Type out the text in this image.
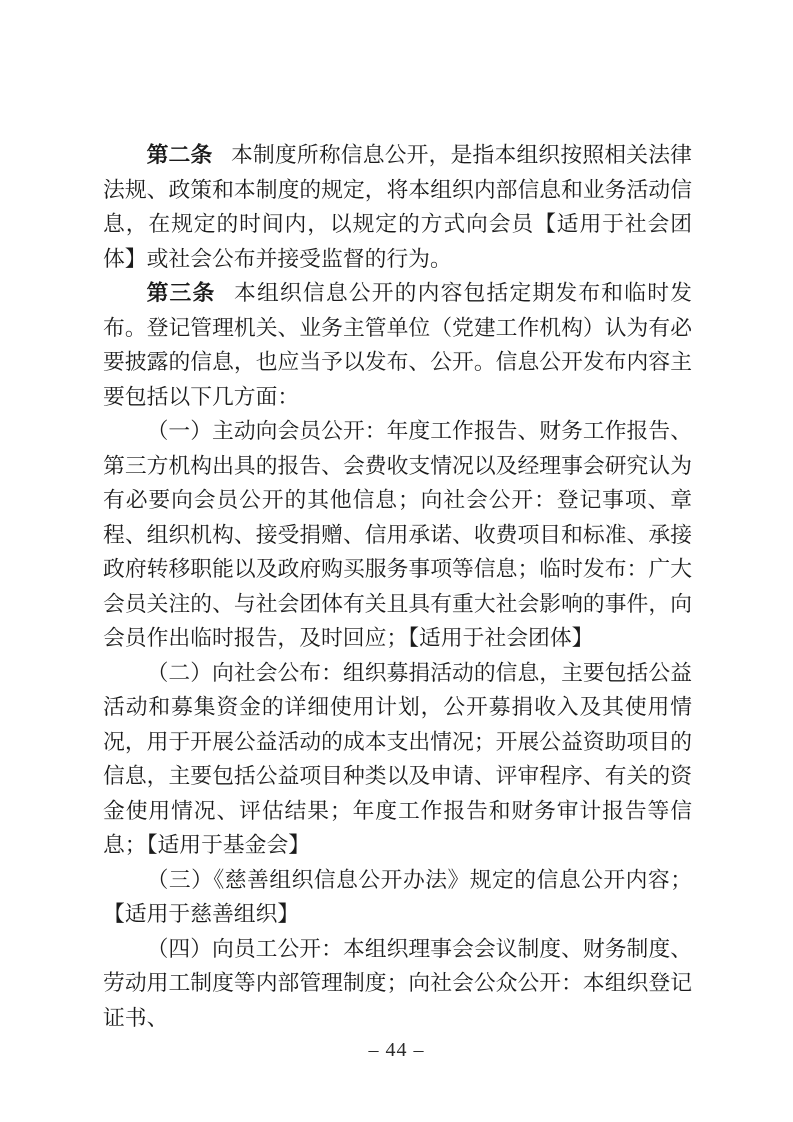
第二条 本制度所称信息公开，是指本组织按照相关法律法规、政策和本制度的规定，将本组织内部信息和业务活动信息，在规定的时间内，以规定的方式向会员【适用于社会团体】或社会公布并接受监督的行为。

第三条 本组织信息公开的内容包括定期发布和临时发布。登记管理机关、业务主管单位（党建工作机构）认为有必要披露的信息，也应当予以发布、公开。信息公开发布内容主要包括以下几方面：

（一）主动向会员公开：年度工作报告、财务工作报告、第三方机构出具的报告、会费收支情况以及经理事会研究认为有必要向会员公开的其他信息；向社会公开：登记事项、章程、组织机构、接受捐赠、信用承诺、收费项目和标准、承接政府转移职能以及政府购买服务事项等信息；临时发布：广大会员关注的、与社会团体有关且具有重大社会影响的事件，向会员作出临时报告，及时回应；【适用于社会团体】

（二）向社会公布：组织募捐活动的信息，主要包括公益活动和募集资金的详细使用计划，公开募捐收入及其使用情况，用于开展公益活动的成本支出情况；开展公益资助项目的信息，主要包括公益项目种类以及申请、评审程序、有关的资金使用情况、评估结果；年度工作报告和财务审计报告等信息；【适用于基金会】

（三）《慈善组织信息公开办法》规定的信息公开内容；【适用于慈善组织】

（四）向员工公开：本组织理事会会议制度、财务制度、劳动用工制度等内部管理制度；向社会公众公开：本组织登记证书、

– 44 –
